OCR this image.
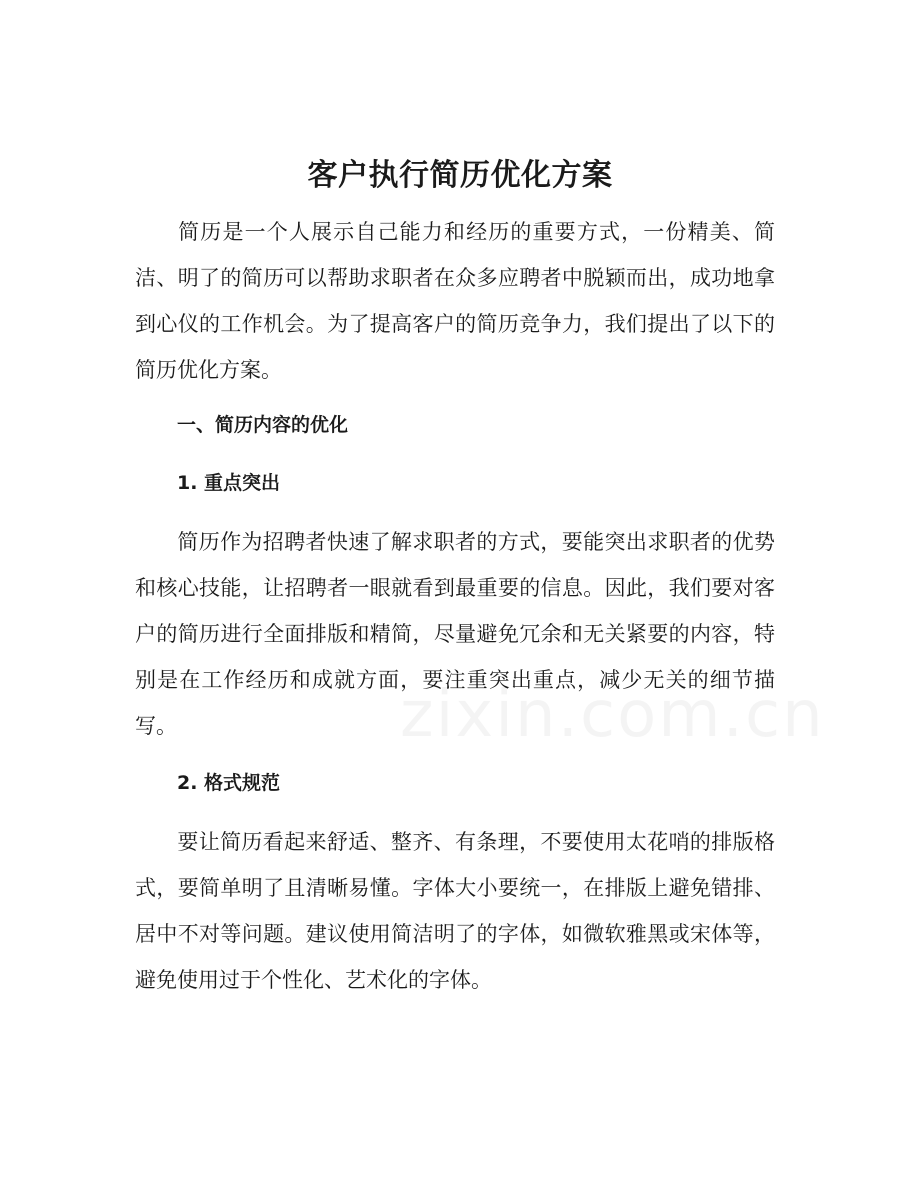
客户执行简历优化方案

简历是一个人展示自己能力和经历的重要方式，一份精美、简洁、明了的简历可以帮助求职者在众多应聘者中脱颖而出，成功地拿到心仪的工作机会。为了提高客户的简历竞争力，我们提出了以下的简历优化方案。

一、简历内容的优化
1. 重点突出

简历作为招聘者快速了解求职者的方式，要能突出求职者的优势和核心技能，让招聘者一眼就看到最重要的信息。因此，我们要对客户的简历进行全面排版和精简，尽量避免冗余和无关紧要的内容，特别是在工作经历和成就方面，要注重突出重点，减少无关的细节描写。

2. 格式规范

要让简历看起来舒适、整齐、有条理，不要使用太花哨的排版格式，要简单明了且清晰易懂。字体大小要统一，在排版上避免错排、居中不对等问题。建议使用简洁明了的字体，如微软雅黑或宋体等，避免使用过于个性化、艺术化的字体。
